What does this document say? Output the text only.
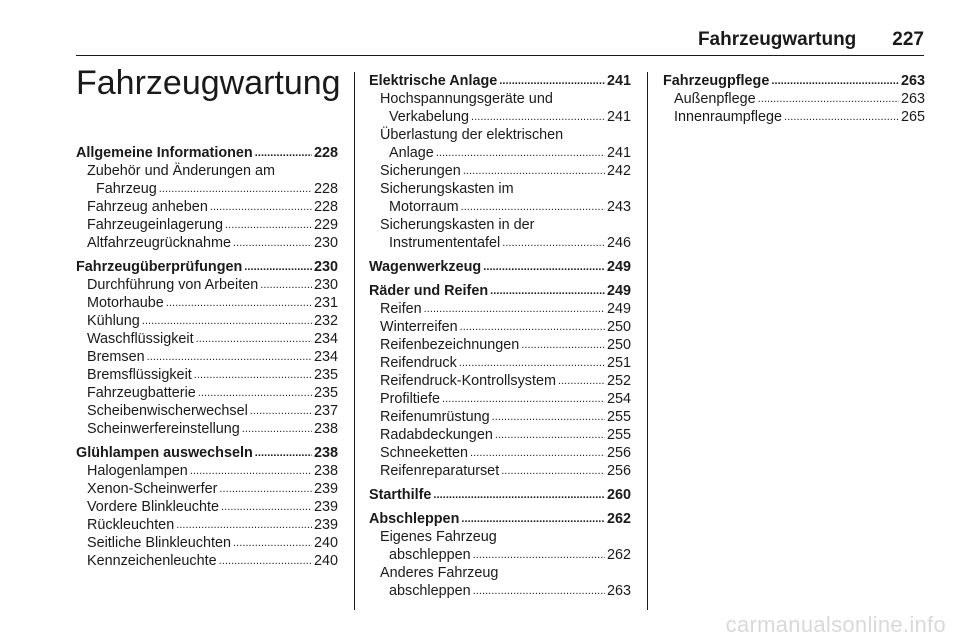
Fahrzeugwartung 227
Fahrzeugwartung
Allgemeine Informationen . . .	228
Zubehör und Änderungen am
Fahrzeug . . .	228
Fahrzeug anheben . . .	228
Fahrzeugeinlagerung . . .	229
Altfahrzeugrücknahme . . .	230
Fahrzeugüberprüfungen . . .	230
Durchführung von Arbeiten . . .	230
Motorhaube . . .	231
Kühlung . . .	232
Waschflüssigkeit . . .	234
Bremsen . . .	234
Bremsflüssigkeit . . .	235
Fahrzeugbatterie . . .	235
Scheibenwischerwechsel . . .	237
Scheinwerfereinstellung . . .	238
Glühlampen auswechseln . . .	238
Halogenlampen . . .	238
Xenon-Scheinwerfer . . .	239
Vordere Blinkleuchte . . .	239
Rückleuchten . . .	239
Seitliche Blinkleuchten . . .	240
Kennzeichenleuchte . . .	240
Elektrische Anlage . . .	241
Hochspannungsgeräte und
Verkabelung . . .	241
Überlastung der elektrischen
Anlage . . .	241
Sicherungen . . .	242
Sicherungskasten im
Motorraum . . .	243
Sicherungskasten in der
Instrumententafel . . .	246
Wagenwerkzeug . . .	249
Räder und Reifen . . .	249
Reifen . . .	249
Winterreifen . . .	250
Reifenbezeichnungen . . .	250
Reifendruck . . .	251
Reifendruck-Kontrollsystem . . .	252
Profiltiefe . . .	254
Reifenumrüstung . . .	255
Radabdeckungen . . .	255
Schneeketten . . .	256
Reifenreparaturset . . .	256
Starthilfe . . .	260
Abschleppen . . .	262
Eigenes Fahrzeug
abschleppen . . .	262
Anderes Fahrzeug
abschleppen . . .	263
Fahrzeugpflege . . .	263
Außenpflege . . .	263
Innenraumpflege . . .	265
carmanualsonline.info
